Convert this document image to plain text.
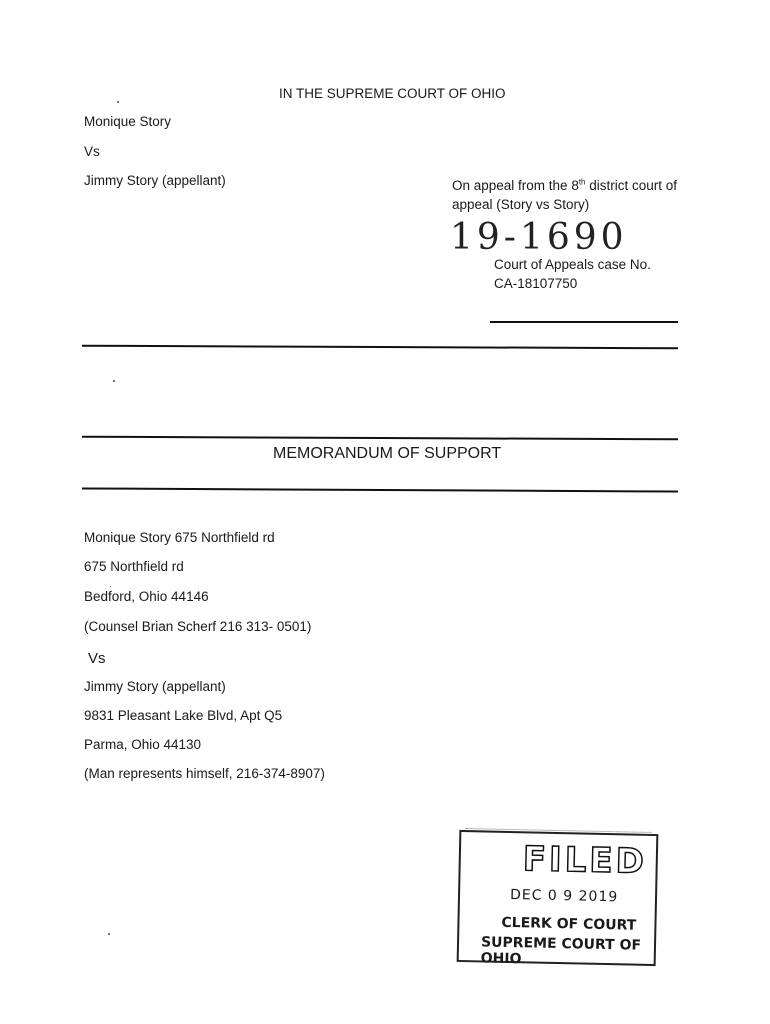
IN THE SUPREME COURT OF OHIO
Monique Story
Vs
Jimmy Story (appellant)	On appeal from the 8th district court of appeal (Story vs Story)
19-1690
Court of Appeals case No.
CA-18107750
MEMORANDUM OF SUPPORT
Monique Story 675 Northfield rd
675 Northfield rd
Bedford, Ohio 44146
(Counsel Brian Scherf 216 313- 0501)
Vs
Jimmy Story (appellant)
9831 Pleasant Lake Blvd, Apt Q5
Parma, Ohio 44130
(Man represents himself, 216-374-8907)
FILED
DEC 0 9 2019
CLERK OF COURT
SUPREME COURT OF OHIO
